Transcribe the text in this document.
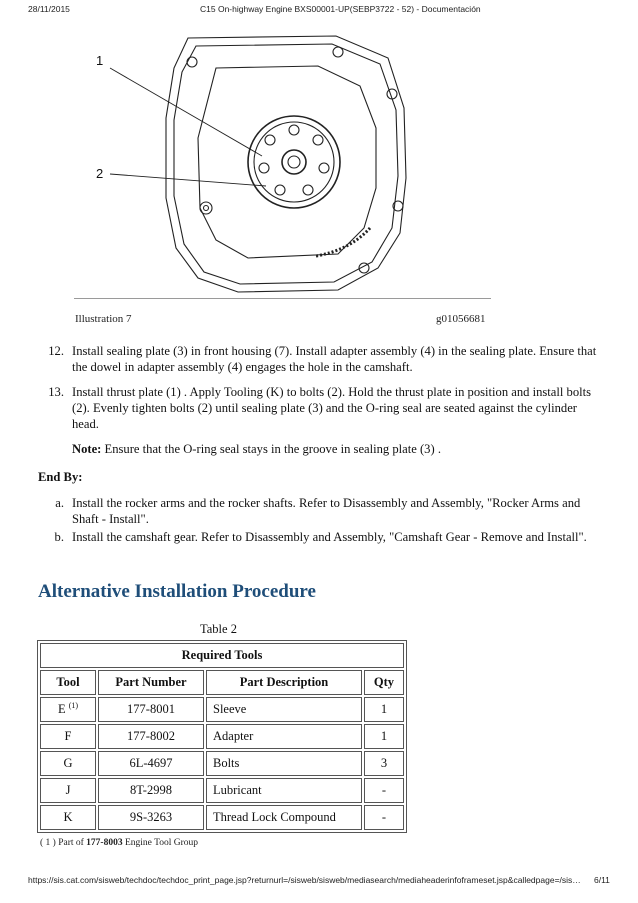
28/11/2015	C15 On-highway Engine BXS00001-UP(SEBP3722 - 52) - Documentación
1
2
Illustration 7	g01056681
12. Install sealing plate (3) in front housing (7). Install adapter assembly (4) in the sealing plate. Ensure that the dowel in adapter assembly (4) engages the hole in the camshaft.
13. Install thrust plate (1) . Apply Tooling (K) to bolts (2). Hold the thrust plate in position and install bolts (2). Evenly tighten bolts (2) until sealing plate (3) and the O-ring seal are seated against the cylinder head.
Note: Ensure that the O-ring seal stays in the groove in sealing plate (3) .
End By:
a. Install the rocker arms and the rocker shafts. Refer to Disassembly and Assembly, "Rocker Arms and Shaft - Install".
b. Install the camshaft gear. Refer to Disassembly and Assembly, "Camshaft Gear - Remove and Install".
Alternative Installation Procedure
Table 2
Required Tools			
Tool	Part Number	Part Description	Qty
E $^{(1)}$	177-8001	Sleeve	1
F	177-8002	Adapter	1
G	6L-4697	Bolts	3
J	8T-2998	Lubricant	-
K	9S-3263	Thread Lock Compound	-
( 1 ) Part of 177-8003 Engine Tool Group
https://sis.cat.com/sisweb/techdoc/techdoc_print_page.jsp?returnurl=/sisweb/sisweb/mediasearch/mediaheaderinfoframeset.jsp&calledpage=/sis…	6/11
